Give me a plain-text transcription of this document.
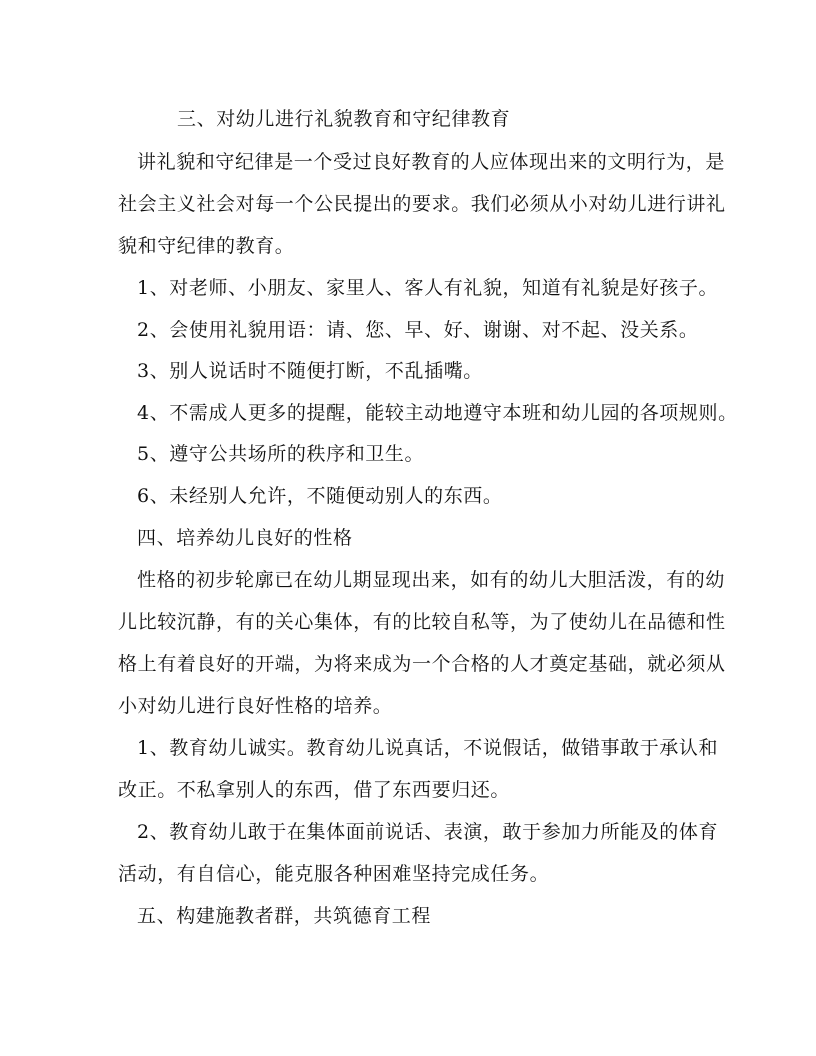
三、对幼儿进行礼貌教育和守纪律教育
讲礼貌和守纪律是一个受过良好教育的人应体现出来的文明行为，是
社会主义社会对每一个公民提出的要求。我们必须从小对幼儿进行讲礼
貌和守纪律的教育。
1、对老师、小朋友、家里人、客人有礼貌，知道有礼貌是好孩子。
2、会使用礼貌用语：请、您、早、好、谢谢、对不起、没关系。
3、别人说话时不随便打断，不乱插嘴。
4、不需成人更多的提醒，能较主动地遵守本班和幼儿园的各项规则。
5、遵守公共场所的秩序和卫生。
6、未经别人允许，不随便动别人的东西。
四、培养幼儿良好的性格
性格的初步轮廓已在幼儿期显现出来，如有的幼儿大胆活泼，有的幼
儿比较沉静，有的关心集体，有的比较自私等，为了使幼儿在品德和性
格上有着良好的开端，为将来成为一个合格的人才奠定基础，就必须从
小对幼儿进行良好性格的培养。
1、教育幼儿诚实。教育幼儿说真话，不说假话，做错事敢于承认和
改正。不私拿别人的东西，借了东西要归还。
2、教育幼儿敢于在集体面前说话、表演，敢于参加力所能及的体育
活动，有自信心，能克服各种困难坚持完成任务。
五、构建施教者群，共筑德育工程
